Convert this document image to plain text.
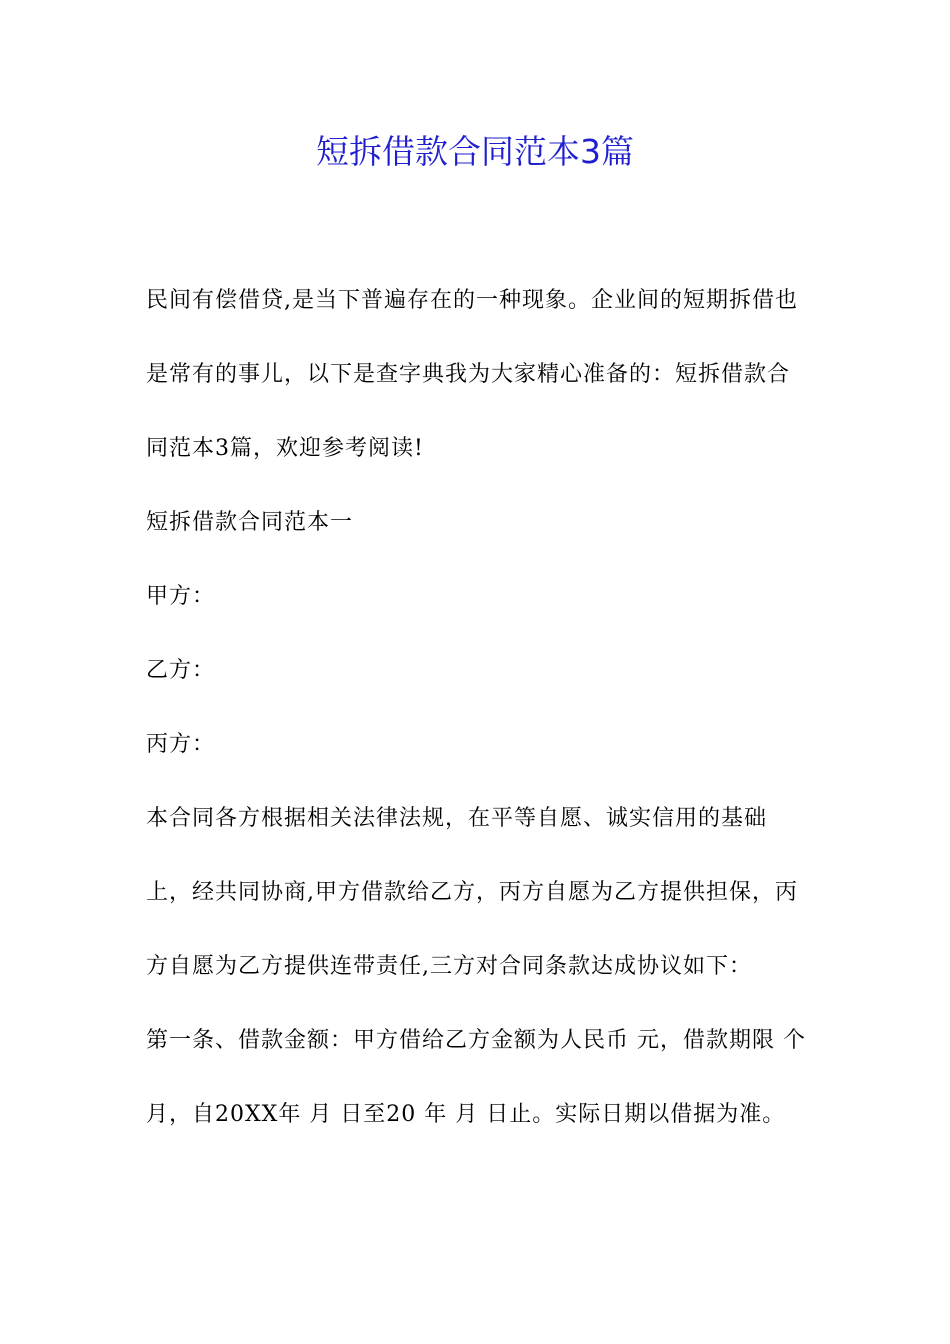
短拆借款合同范本3篇

民间有偿借贷,是当下普遍存在的一种现象。企业间的短期拆借也是常有的事儿，以下是查字典我为大家精心准备的：短拆借款合同范本3篇，欢迎参考阅读!

短拆借款合同范本一

甲方：

乙方：

丙方：

本合同各方根据相关法律法规，在平等自愿、诚实信用的基础上，经共同协商,甲方借款给乙方，丙方自愿为乙方提供担保，丙方自愿为乙方提供连带责任,三方对合同条款达成协议如下：

第一条、借款金额：甲方借给乙方金额为人民币 元，借款期限 个月，自20XX年 月 日至20 年 月 日止。实际日期以借据为准。
